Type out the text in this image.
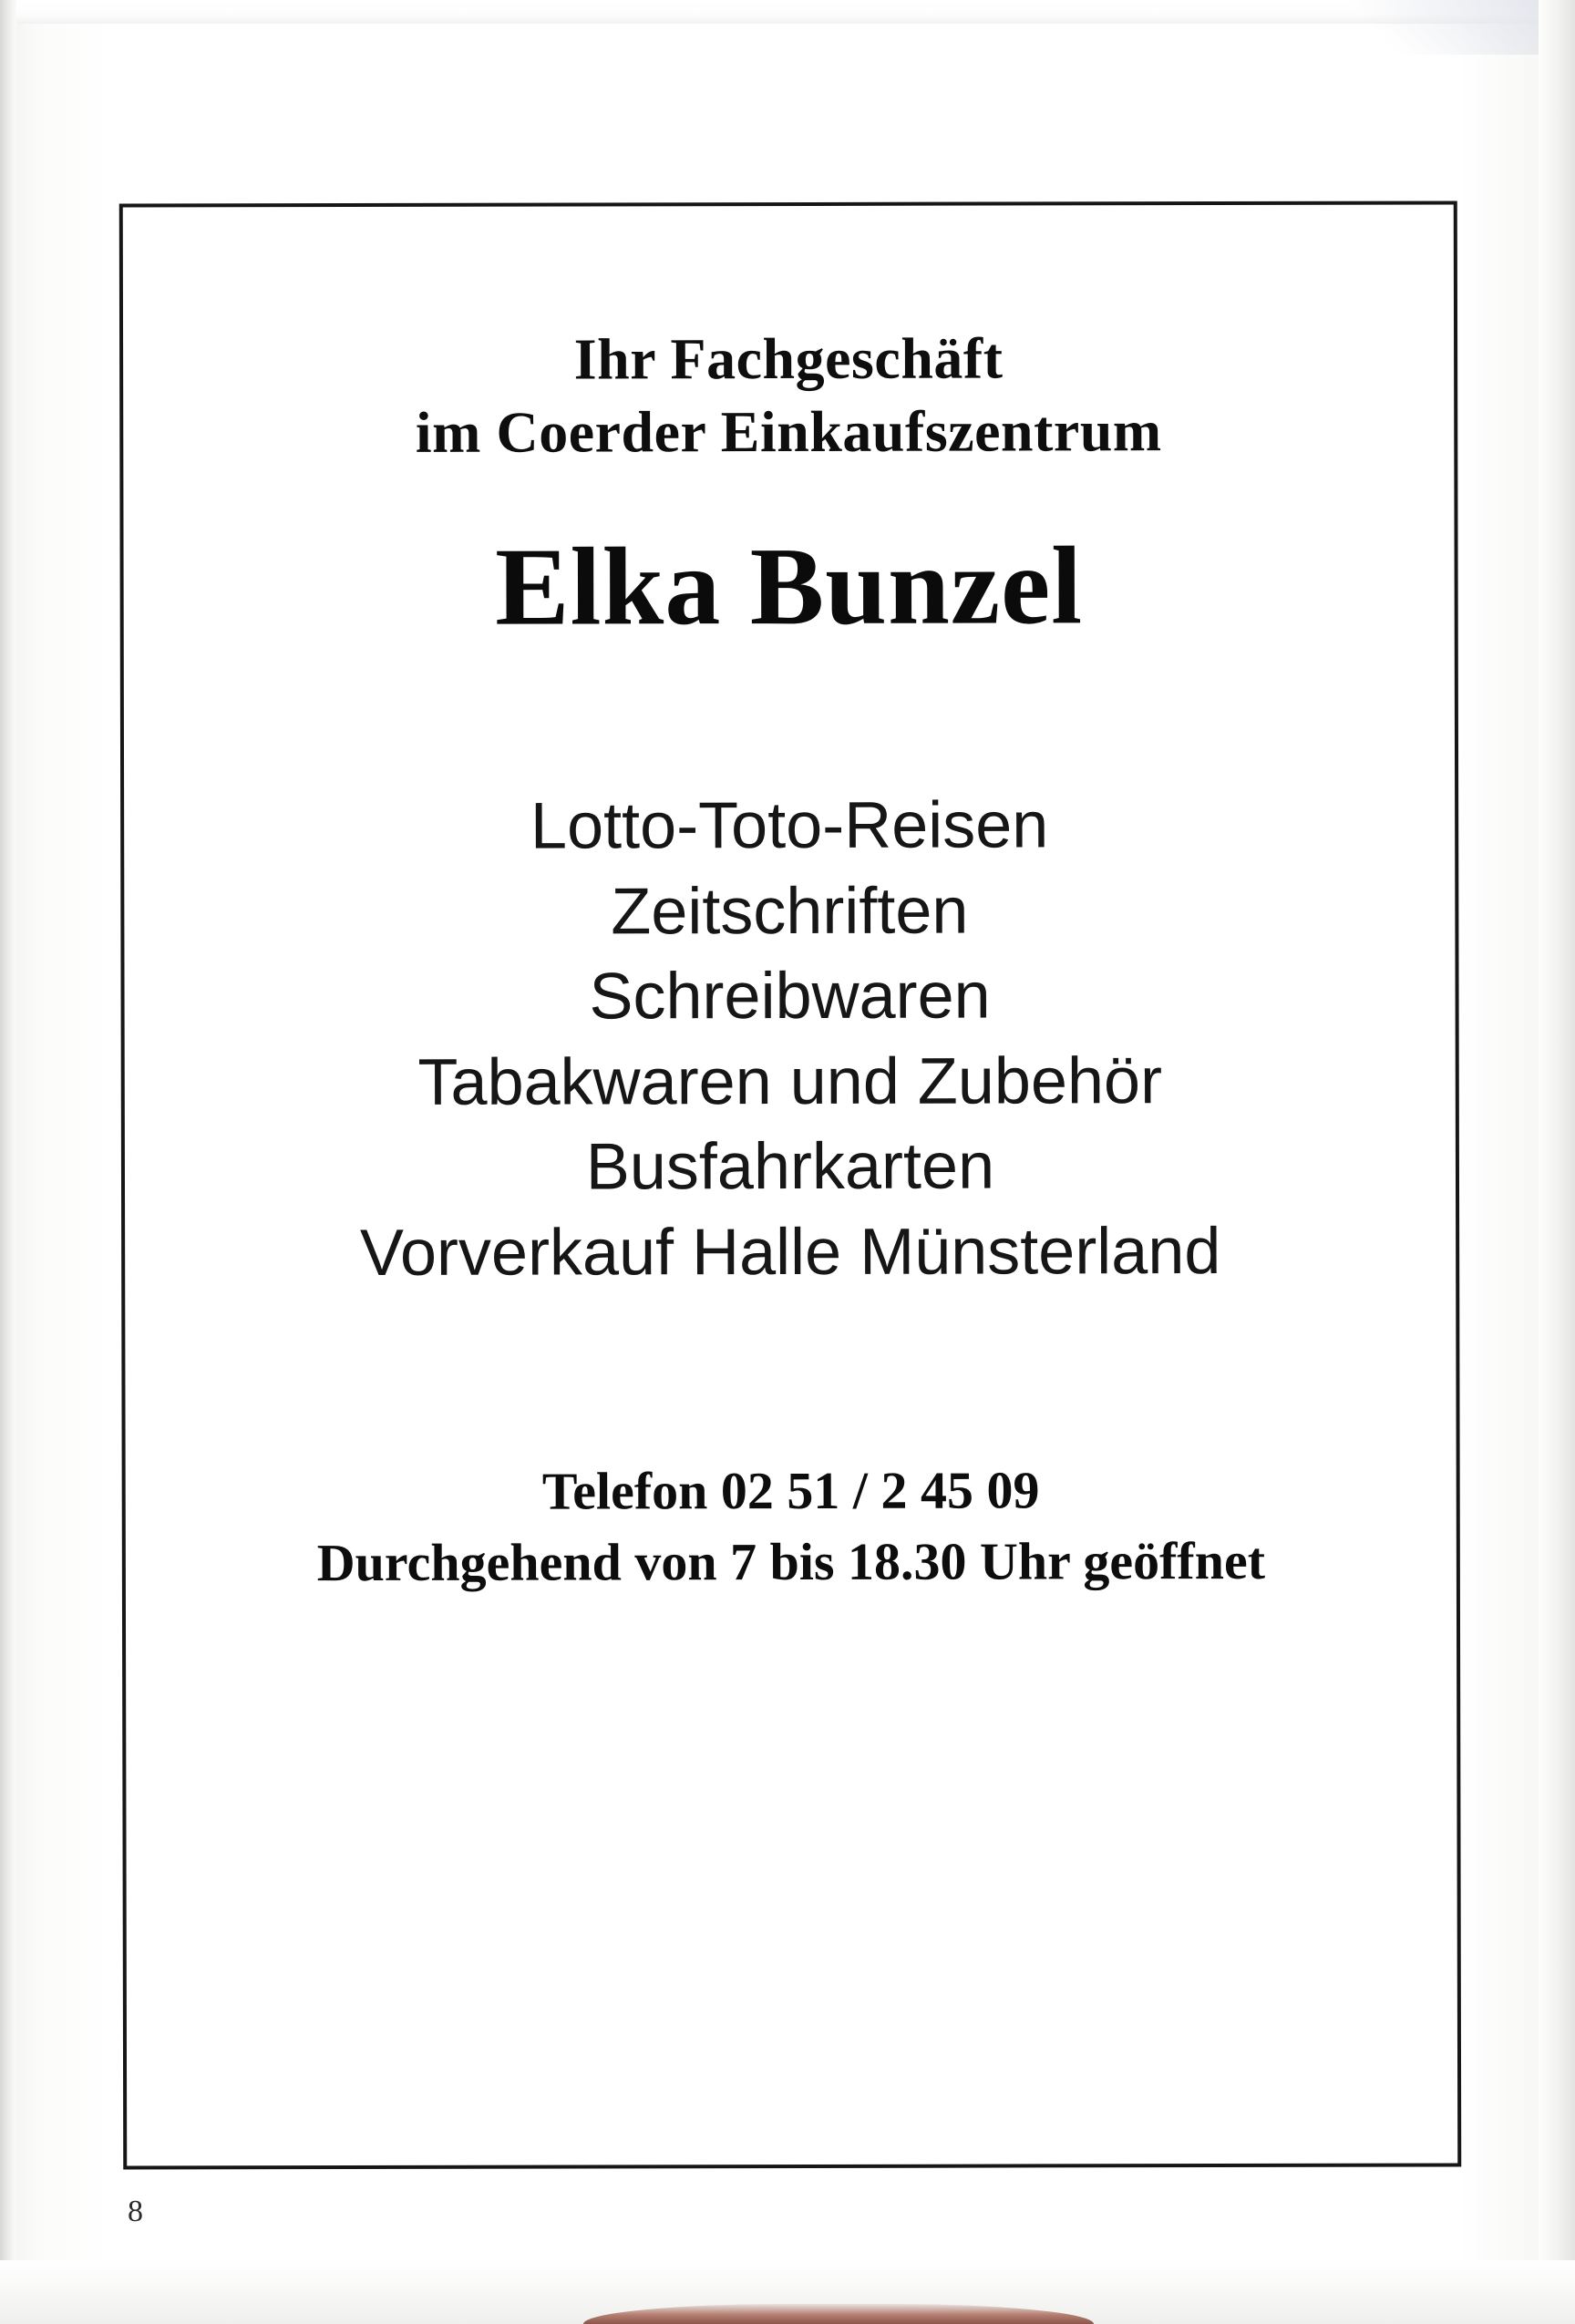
Ihr Fachgeschäft
im Coerder Einkaufszentrum
Elka Bunzel
Lotto-Toto-Reisen
Zeitschriften
Schreibwaren
Tabakwaren und Zubehör
Busfahrkarten
Vorverkauf Halle Münsterland
Telefon 02 51 / 2 45 09
Durchgehend von 7 bis 18.30 Uhr geöffnet
8
